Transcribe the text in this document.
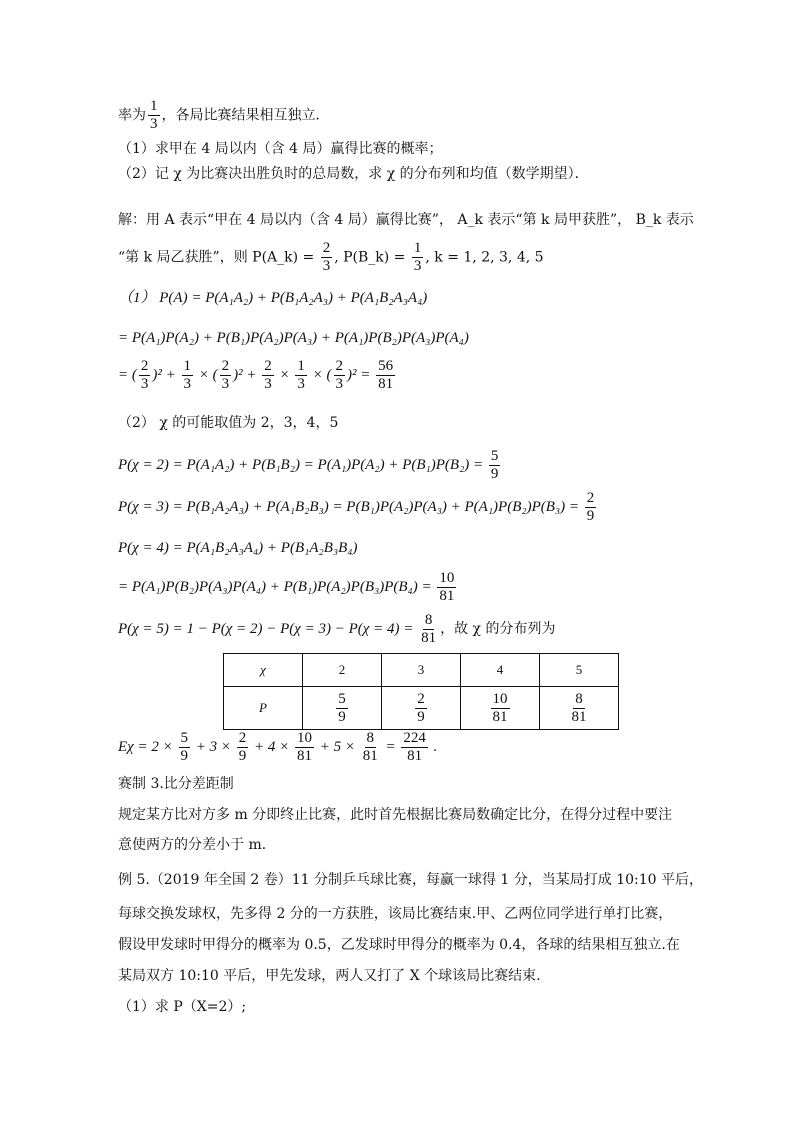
率为 $\frac{1}{3}$ ，各局比赛结果相互独立．
（1）求甲在 4 局以内（含 4 局）赢得比赛的概率；
（2）记 χ 为比赛决出胜负时的总局数，求 χ 的分布列和均值（数学期望）．
解：用 A 表示“甲在 4 局以内（含 4 局）赢得比赛”， A_k 表示“第 k 局甲获胜”， B_k 表示
“第 k 局乙获胜”，则 P(A_k) = $\frac{2}{3}$ , P(B_k) = $\frac{1}{3}$ , k = 1, 2, 3, 4, 5
（1） P(A) = P(A₁A₂) + P(B₁A₂A₃) + P(A₁B₂A₃A₄)
= P(A₁)P(A₂) + P(B₁)P(A₂)P(A₃) + P(A₁)P(B₂)P(A₃)P(A₄)
= ( $\frac{2}{3} )^2 + \frac{1}{3}$ × ( $\frac{2}{3} )^2 + \frac{2}{3} \times \frac{1}{3}$ × ( $\frac{2}{3} )^2 = \frac{56}{81}$
（2） χ 的可能取值为 2，3，4，5
$P(\chi = 2) = P(A_1A_2) + P(B_1B_2) = P(A_1)P(A_2) + P(B_1)P(B_2) = \frac{5}{9}$
$P(\chi = 3) = P(B_1A_2A_3) + P(A_1B_2B_3) = P(B_1)P(A_2)P(A_3) + P(A_1)P(B_2)P(B_3) = \frac{2}{9}$
P(χ = 4) = P(A₁B₂A₃A₄) + P(B₁A₂B₃B₄)
= $P(A_1)P(B_2)P(A_3)P(A_4) + P(B_1)P(A_2)P(B_3)P(B_4) = \frac{10}{81}$
$P(\chi = 5) = 1 - P(\chi = 2) - P(\chi = 3) - P(\chi = 4) = \frac{8}{81}$ ，故 χ 的分布列为
χ	2	3	4	5
P	$\frac{5}{9}$	$\frac{2}{9}$	$\frac{10}{81}$	$\frac{8}{81}$
$E\chi = 2 \times \frac{5}{9} + 3 \times \frac{2}{9} + 4 \times \frac{10}{81} + 5 \times \frac{8}{81} = \frac{224}{81}$ .
赛制 3.比分差距制
规定某方比对方多 m 分即终止比赛，此时首先根据比赛局数确定比分，在得分过程中要注
意使两方的分差小于 m．
例 5.（2019 年全国 2 卷）11 分制乒乓球比赛，每赢一球得 1 分，当某局打成 10:10 平后，
每球交换发球权，先多得 2 分的一方获胜，该局比赛结束.甲、乙两位同学进行单打比赛，
假设甲发球时甲得分的概率为 0.5，乙发球时甲得分的概率为 0.4，各球的结果相互独立.在
某局双方 10:10 平后，甲先发球，两人又打了 X 个球该局比赛结束.
（1）求 P（X=2）;
